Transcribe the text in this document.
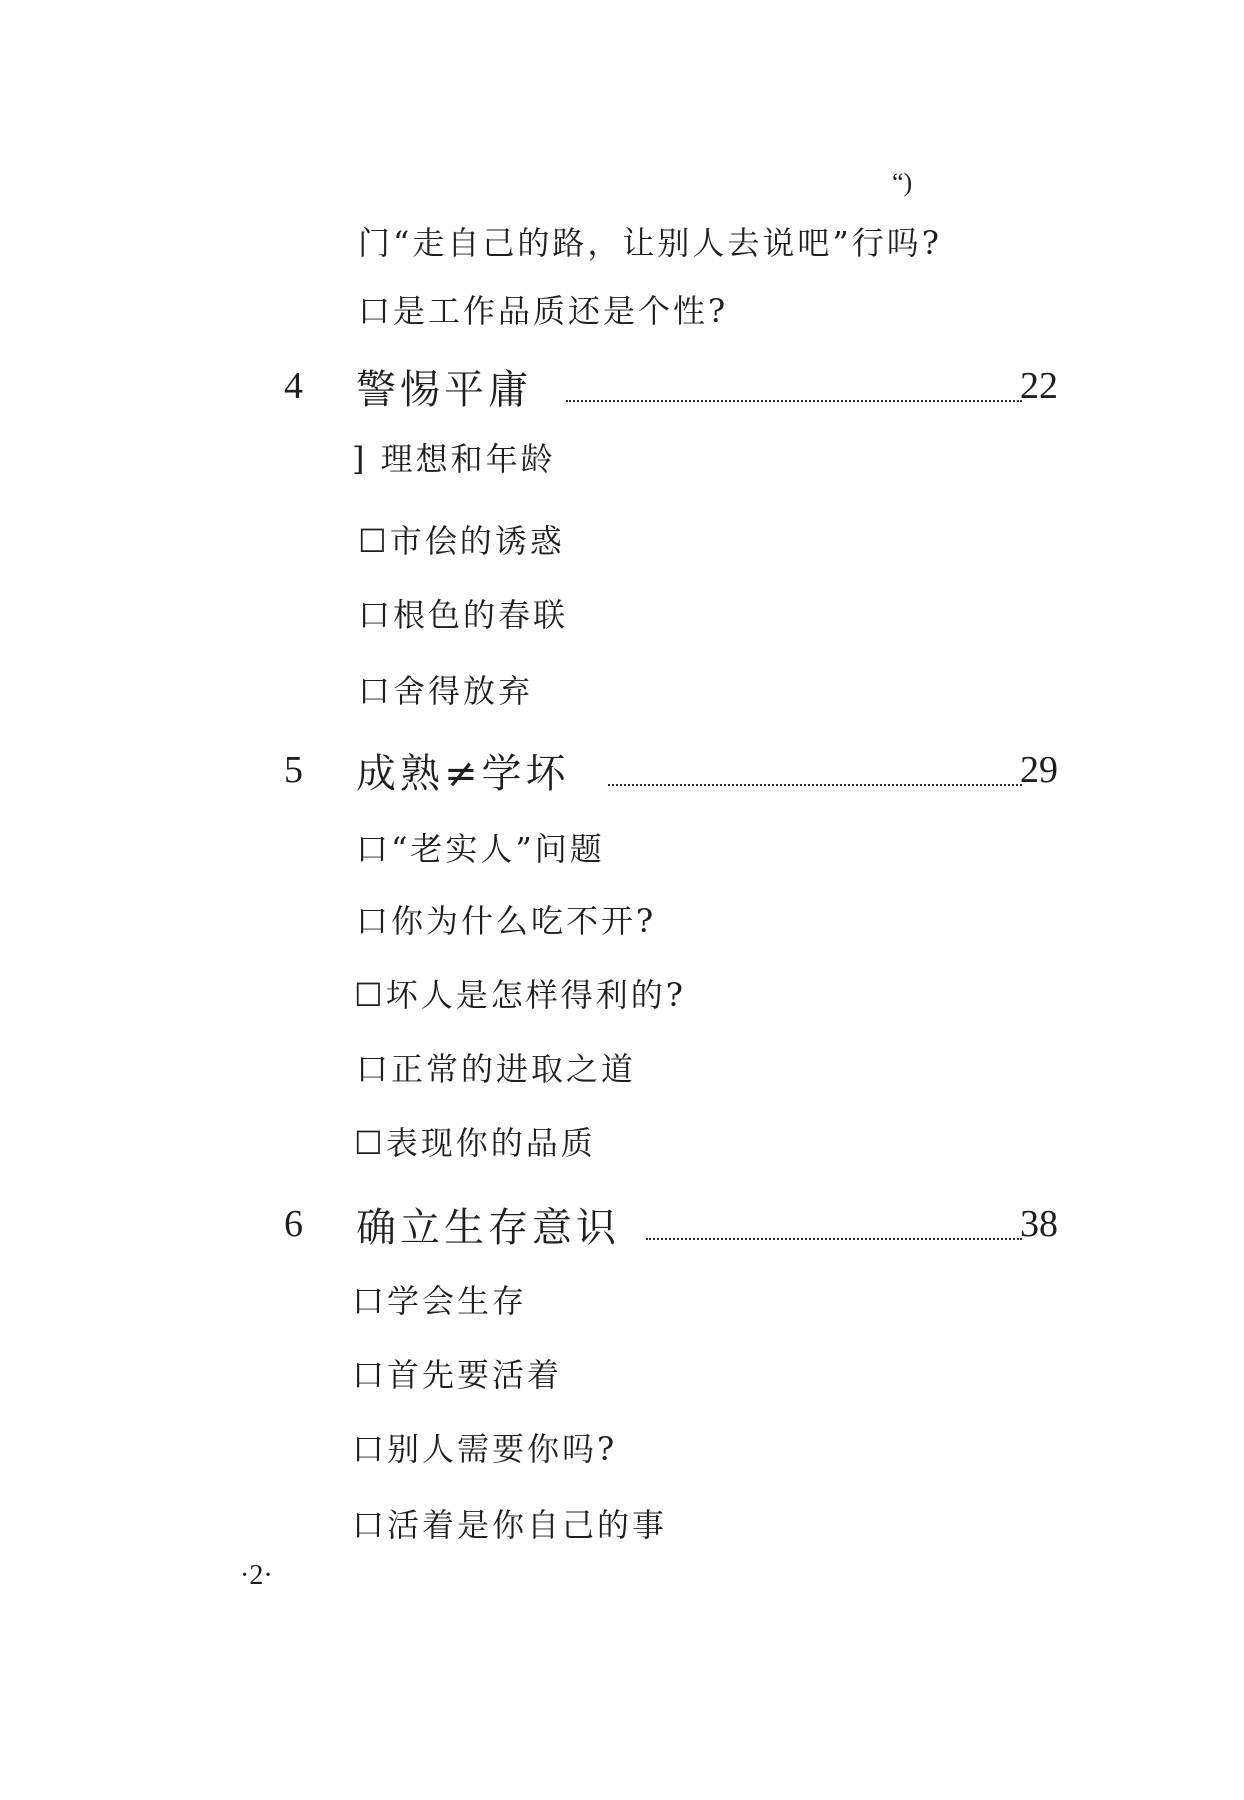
“)
门“走自己的路，让别人去说吧”行吗?
口是工作品质还是个性?
4 警惕平庸	22
] 理想和年龄
☐市侩的诱惑
口根色的春联
口舍得放弃
5 成熟≠学坏	29
口“老实人”问题
口你为什么吃不开?
☐坏人是怎样得利的?
口正常的进取之道
☐表现你的品质
6 确立生存意识	38
口学会生存
口首先要活着
口别人需要你吗?
口活着是你自己的事
·2·
